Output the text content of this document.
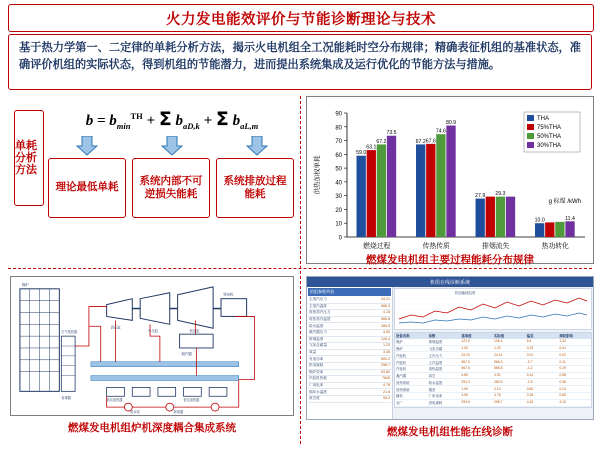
火力发电能效评价与节能诊断理论与技术
基于热力学第一、二定律的单耗分析方法，揭示火电机组全工况能耗时空分布规律；精确表征机组的基准状态，准确评价机组的实际状态，得到机组的节能潜力，进而提出系统集成及运行优化的节能方法与措施。
单耗分析方法
$b = b_{min}^{TH} + \Sigma$ $b_{aD,k} + \Sigma$ $b_{aL,m}$
理论最低单耗
系统内部不可逆损失能耗
系统排放过程能耗
0
10
20
30
40
50
60
70
80
90
供热加权单耗
g 标煤 /kWh
59.0
63.1
67.2
73.5
燃烧过程
67.2 67.6
74.6
80.9
传热传质
27.9 29.3
排烟流失
10.0	11.4
热功转化
THA
75%THA
50%THA
30%THA
燃煤发电机组主要过程能耗分布规律
高压缸
中压缸	低压缸
发电机
凝汽器
高压加热器	低压加热器
给水泵	除氧器
锅炉
空气预热器
省煤器
燃煤发电机组炉机深度耦合集成系统
机组在线诊断系统
机组参数列表
主蒸汽压力	24.21
主蒸汽温度	566.3
再热蒸汽压力	4.15
再热蒸汽温度	565.8
给水温度	289.5
凝汽器压力	4.92
排烟温度	126.4
飞灰含碳量	1.23
氧量	3.45
发电功率	600.2
供电煤耗	298.7
锅炉效率	93.82
汽轮机热耗	7845
厂用电率	4.78
循环水温度	21.6
真空度	95.2
机组能耗趋势
设备名称	参数	基准值	实际值	偏差	煤耗影响
锅炉	排烟温度	121.0	126.4	5.4	1.32
锅炉	飞灰含碳	1.00	1.23	0.23	0.41
汽轮机	主汽压力	24.20	24.21	0.01	0.02
汽轮机	主汽温度	567.0	566.3	-0.7	0.11
汽轮机	再热温度	567.0	565.8	-1.2	0.19
凝汽器	真空	4.80	4.92	0.12	0.58
回热系统	给水温度	291.0	289.5	-1.5	0.36
回热系统	端差	1.50	2.10	0.60	0.24
辅机	厂用电率	4.50	4.78	0.28	0.85
全厂	供电煤耗	294.6	298.7	4.10	4.10
燃煤发电机组性能在线诊断
